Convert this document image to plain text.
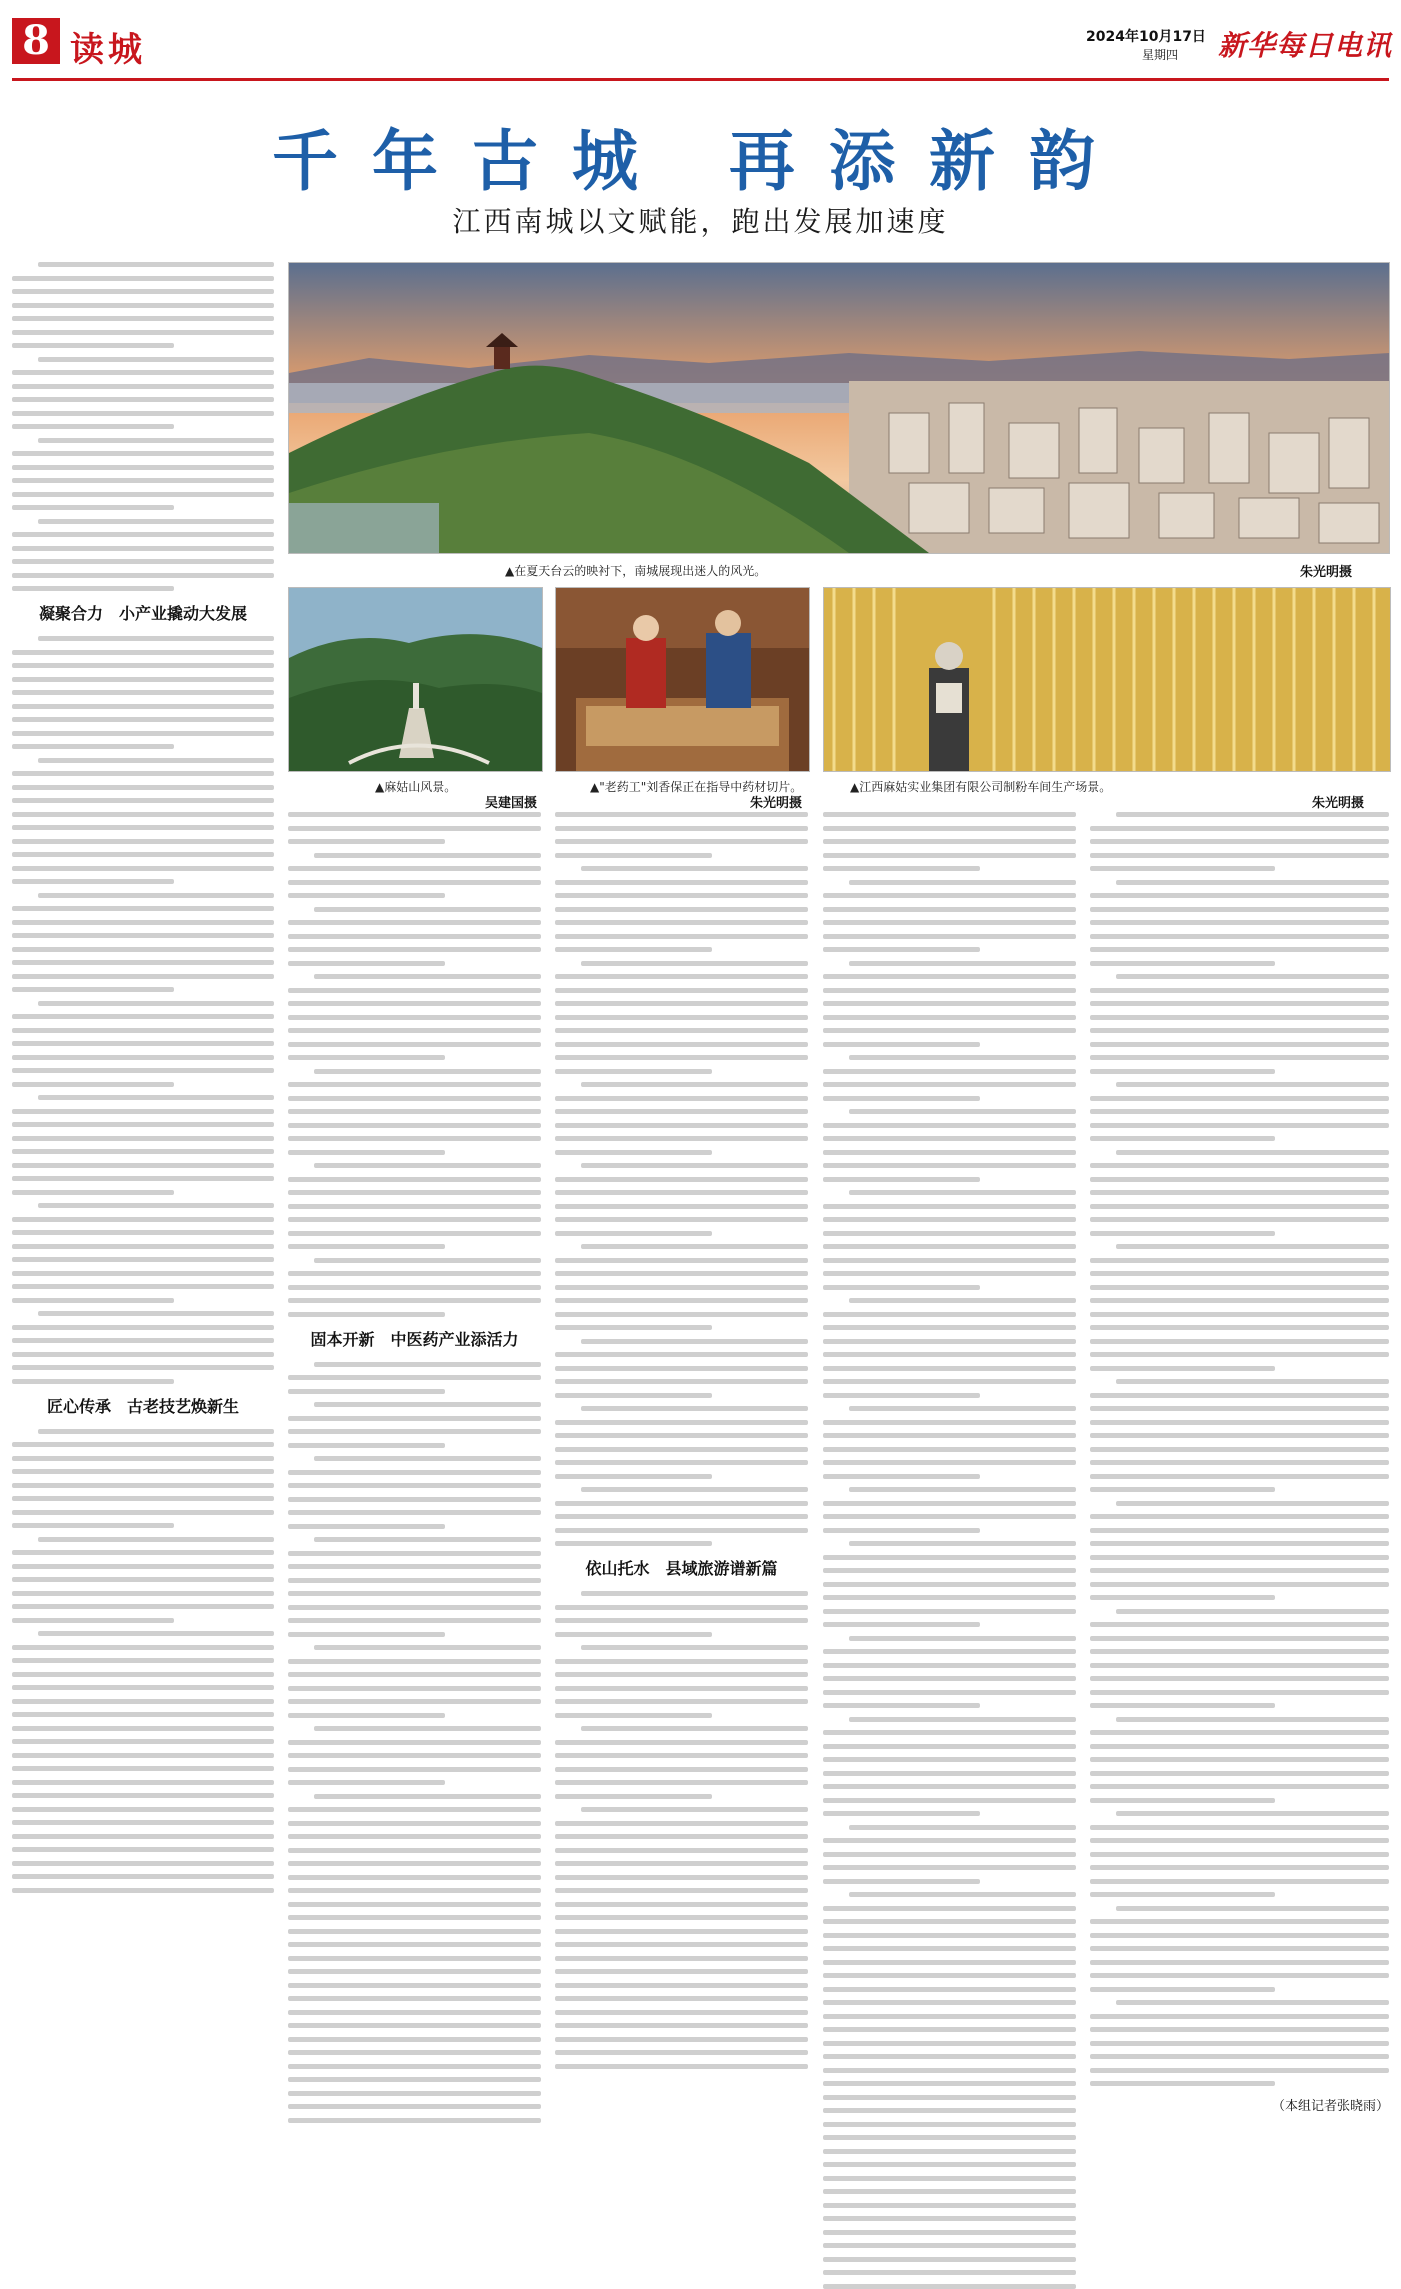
8 读城	2024年10月17日
星期四 新华每日电讯
千年古城 再添新韵
江西南城以文赋能，跑出发展加速度
▲在夏天台云的映衬下，南城展现出迷人的风光。	朱光明摄
▲麻姑山风景。
吴建国摄
▲"老药工"刘香保正在指导中药材切片。
朱光明摄
▲江西麻姑实业集团有限公司制粉车间生产场景。
朱光明摄
凝聚合力　小产业撬动大发展
匠心传承　古老技艺焕新生
固本开新　中医药产业添活力
依山托水　县域旅游谱新篇
（本组记者张晓雨）
